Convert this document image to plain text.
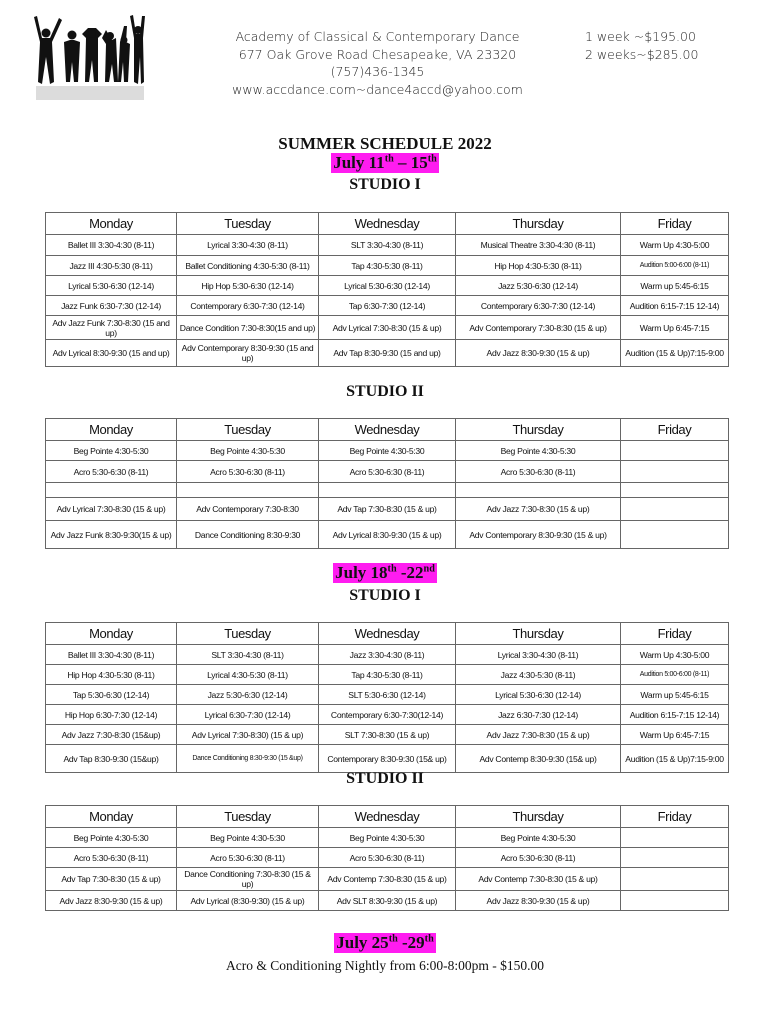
Academy of Classical & Contemporary Dance
677 Oak Grove Road Chesapeake, VA 23320
(757)436-1345
www.accdance.com~dance4accd@yahoo.com
1 week ~$195.00
2 weeks~$285.00
SUMMER SCHEDULE 2022
July 11th – 15th
STUDIO I
Monday	Tuesday	Wednesday	Thursday	Friday
Ballet III 3:30-4:30 (8-11)	Lyrical 3:30-4:30 (8-11)	SLT 3:30-4:30 (8-11)	Musical Theatre 3:30-4:30 (8-11)	Warm Up 4:30-5:00
Jazz III 4:30-5:30 (8-11)	Ballet Conditioning 4:30-5:30 (8-11)	Tap 4:30-5:30 (8-11)	Hip Hop 4:30-5:30 (8-11)	Audition 5:00-6:00 (8-11)
Lyrical 5:30-6:30 (12-14)	Hip Hop 5:30-6:30 (12-14)	Lyrical 5:30-6:30 (12-14)	Jazz 5:30-6:30 (12-14)	Warm up 5:45-6:15
Jazz Funk 6:30-7:30 (12-14)	Contemporary 6:30-7:30 (12-14)	Tap 6:30-7:30 (12-14)	Contemporary 6:30-7:30 (12-14)	Audition 6:15-7:15 12-14)
Adv Jazz Funk 7:30-8:30 (15 and up)	Dance Condition 7:30-8:30(15 and up)	Adv Lyrical 7:30-8:30 (15 & up)	Adv Contemporary 7:30-8:30 (15 & up)	Warm Up 6:45-7:15
Adv Lyrical 8:30-9:30 (15 and up)	Adv Contemporary 8:30-9:30 (15 and up)	Adv Tap 8:30-9:30 (15 and up)	Adv Jazz 8:30-9:30 (15 & up)	Audition (15 & Up)7:15-9:00
STUDIO II
Monday	Tuesday	Wednesday	Thursday	Friday
Beg Pointe 4:30-5:30	Beg Pointe 4:30-5:30	Beg Pointe 4:30-5:30	Beg Pointe 4:30-5:30	
Acro 5:30-6:30 (8-11)	Acro 5:30-6:30 (8-11)	Acro 5:30-6:30 (8-11)	Acro 5:30-6:30 (8-11)	

Adv Lyrical 7:30-8:30 (15 & up)	Adv Contemporary 7:30-8:30	Adv Tap 7:30-8:30 (15 & up)	Adv Jazz 7:30-8:30 (15 & up)	
Adv Jazz Funk 8:30-9:30(15 & up)	Dance Conditioning 8:30-9:30	Adv Lyrical 8:30-9:30 (15 & up)	Adv Contemporary 8:30-9:30 (15 & up)	
July 18th -22nd
STUDIO I
Monday	Tuesday	Wednesday	Thursday	Friday
Ballet III 3:30-4:30 (8-11)	SLT 3:30-4:30 (8-11)	Jazz 3:30-4:30 (8-11)	Lyrical 3:30-4:30 (8-11)	Warm Up 4:30-5:00
Hip Hop 4:30-5:30 (8-11)	Lyrical 4:30-5:30 (8-11)	Tap 4:30-5:30 (8-11)	Jazz 4:30-5:30 (8-11)	Audition 5:00-6:00 (8-11)
Tap 5:30-6:30 (12-14)	Jazz 5:30-6:30 (12-14)	SLT 5:30-6:30 (12-14)	Lyrical 5:30-6:30 (12-14)	Warm up 5:45-6:15
Hip Hop 6:30-7:30 (12-14)	Lyrical 6:30-7:30 (12-14)	Contemporary 6:30-7:30(12-14)	Jazz 6:30-7:30 (12-14)	Audition 6:15-7:15 12-14)
Adv Jazz 7:30-8:30 (15&up)	Adv Lyrical 7:30-8:30) (15 & up)	SLT 7:30-8:30 (15 & up)	Adv Jazz 7:30-8:30 (15 & up)	Warm Up 6:45-7:15
Adv Tap 8:30-9:30 (15&up)	Dance Conditioning 8:30-9:30 (15 &up)	Contemporary 8:30-9:30 (15& up)	Adv Contemp 8:30-9:30 (15& up)	Audition (15 & Up)7:15-9:00
STUDIO II
Monday	Tuesday	Wednesday	Thursday	Friday
Beg Pointe 4:30-5:30	Beg Pointe 4:30-5:30	Beg Pointe 4:30-5:30	Beg Pointe 4:30-5:30	
Acro 5:30-6:30 (8-11)	Acro 5:30-6:30 (8-11)	Acro 5:30-6:30 (8-11)	Acro 5:30-6:30 (8-11)	
Adv Tap 7:30-8:30 (15 & up)	Dance Conditioning 7:30-8:30 (15 & up)	Adv Contemp 7:30-8:30 (15 & up)	Adv Contemp 7:30-8:30 (15 & up)	
Adv Jazz 8:30-9:30 (15 & up)	Adv Lyrical (8:30-9:30) (15 & up)	Adv SLT 8:30-9:30 (15 & up)	Adv Jazz 8:30-9:30 (15 & up)	
July 25th -29th
Acro & Conditioning Nightly from 6:00-8:00pm - $150.00
